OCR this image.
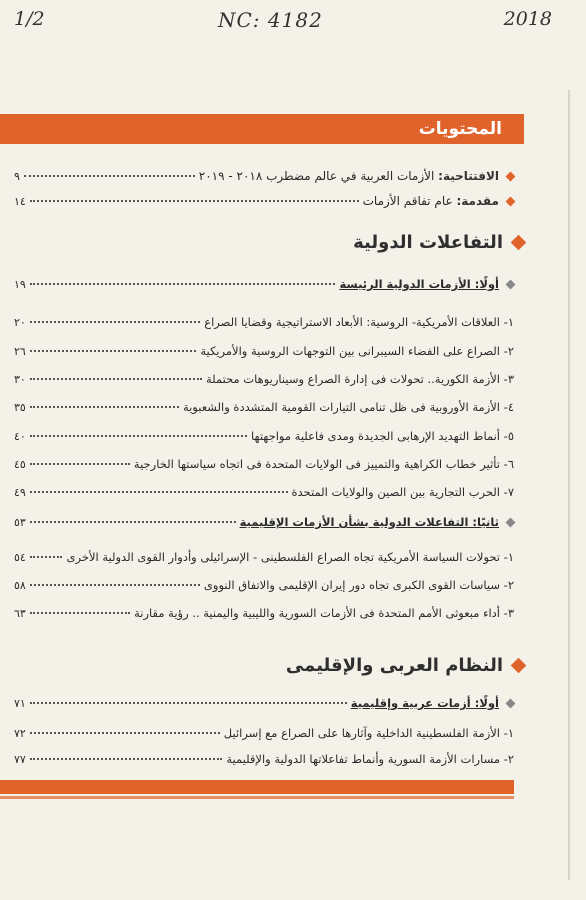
1/2	NC: 4182	2018
المحتويات
الافتتاحية: الأزمات العربية في عالم مضطرب ٢٠١٨ - ٢٠١٩
٩
مقدمة: عام تفاقم الأزمات
١٤
التفاعلات الدولية
أولًا: الأزمات الدولية الرئيسة
١٩
١- العلاقات الأمريكية- الروسية: الأبعاد الاستراتيجية وقضايا الصراع
٢٠
٢- الصراع على الفضاء السيبرانى بين التوجهات الروسية والأمريكية
٢٦
٣- الأزمة الكورية.. تحولات فى إدارة الصراع وسيناريوهات محتملة
٣٠
٤- الأزمة الأوروبية فى ظل تنامى التيارات القومية المتشددة والشعبوية
٣٥
٥- أنماط التهديد الإرهابى الجديدة ومدى فاعلية مواجهتها
٤٠
٦- تأثير خطاب الكراهية والتمييز فى الولايات المتحدة فى اتجاه سياستها الخارجية
٤٥
٧- الحرب التجارية بين الصين والولايات المتحدة
٤٩
ثانيًا: التفاعلات الدولية بشأن الأزمات الإقليمية
٥٣
١- تحولات السياسة الأمريكية تجاه الصراع الفلسطينى - الإسرائيلى وأدوار القوى الدولية الأخرى
٥٤
٢- سياسات القوى الكبرى تجاه دور إيران الإقليمى والاتفاق النووى
٥٨
٣- أداء مبعوثى الأمم المتحدة فى الأزمات السورية والليبية واليمنية .. رؤية مقارنة
٦٣
النظام العربى والإقليمى
أولًا: أزمات عربية وإقليمية
٧١
١- الأزمة الفلسطينية الداخلية وآثارها على الصراع مع إسرائيل
٧٢
٢- مسارات الأزمة السورية وأنماط تفاعلاتها الدولية والإقليمية
٧٧
